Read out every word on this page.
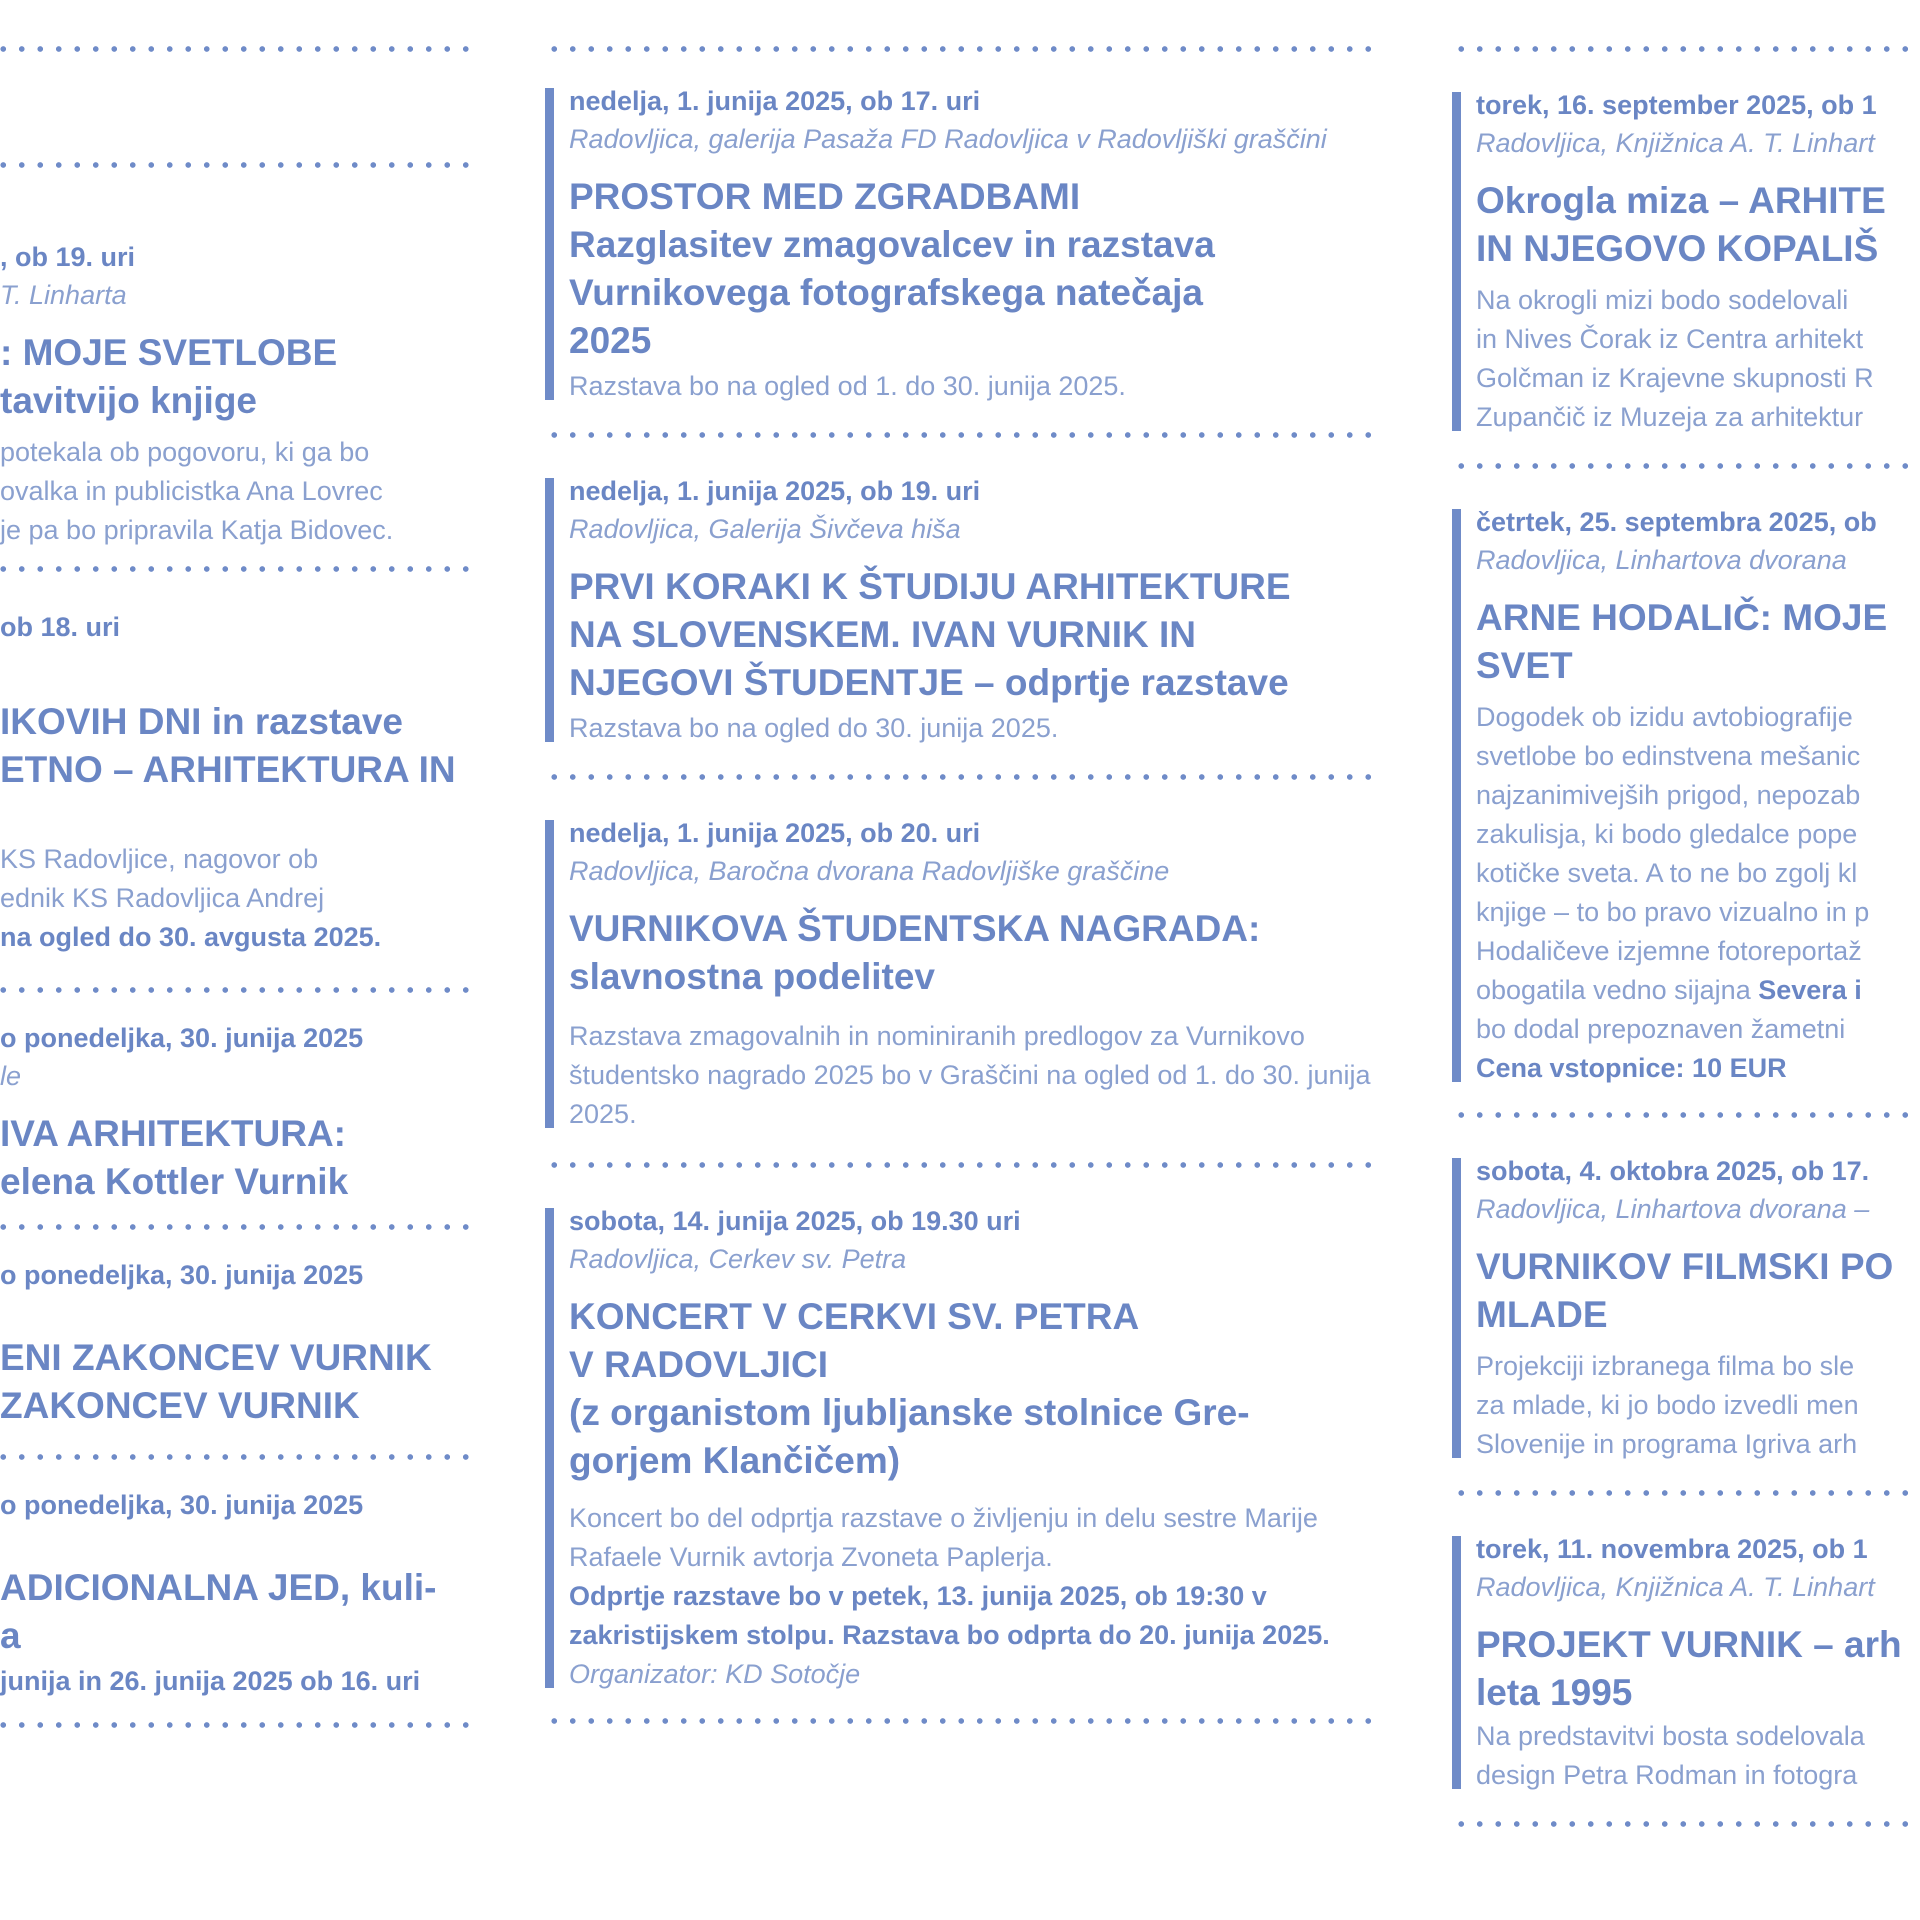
, ob 19. uri
T. Linharta
: MOJE SVETLOBE
tavitvijo knjige
potekala ob pogovoru, ki ga bo
ovalka in publicistka Ana Lovrec
je pa bo pripravila Katja Bidovec.
ob 18. uri
IKOVIH DNI in razstave
ETNO – ARHITEKTURA IN
KS Radovljice, nagovor ob
ednik KS Radovljica Andrej
na ogled do 30. avgusta 2025.
o ponedeljka, 30. junija 2025
le
IVA ARHITEKTURA:
elena Kottler Vurnik
o ponedeljka, 30. junija 2025
ENI ZAKONCEV VURNIK
ZAKONCEV VURNIK
o ponedeljka, 30. junija 2025
ADICIONALNA JED, kuli-
a
junija in 26. junija 2025 ob 16. uri
nedelja, 1. junija 2025, ob 17. uri
Radovljica, galerija Pasaža FD Radovljica v Radovljiški graščini
PROSTOR MED ZGRADBAMI
Razglasitev zmagovalcev in razstava
Vurnikovega fotografskega natečaja
2025
Razstava bo na ogled od 1. do 30. junija 2025.
nedelja, 1. junija 2025, ob 19. uri
Radovljica, Galerija Šivčeva hiša
PRVI KORAKI K ŠTUDIJU ARHITEKTURE
NA SLOVENSKEM. IVAN VURNIK IN
NJEGOVI ŠTUDENTJE – odprtje razstave
Razstava bo na ogled do 30. junija 2025.
nedelja, 1. junija 2025, ob 20. uri
Radovljica, Baročna dvorana Radovljiške graščine
VURNIKOVA ŠTUDENTSKA NAGRADA:
slavnostna podelitev
Razstava zmagovalnih in nominiranih predlogov za Vurnikovo študentsko nagrado 2025 bo v Graščini na ogled od 1. do 30. junija 2025.
sobota, 14. junija 2025, ob 19.30 uri
Radovljica, Cerkev sv. Petra
KONCERT V CERKVI SV. PETRA
V RADOVLJICI
(z organistom ljubljanske stolnice Gre-
gorjem Klančičem)
Koncert bo del odprtja razstave o življenju in delu sestre Marije Rafaele Vurnik avtorja Zvoneta Paplerja.
Odprtje razstave bo v petek, 13. junija 2025, ob 19:30 v zakristijskem stolpu. Razstava bo odprta do 20. junija 2025.
Organizator: KD Sotočje
torek, 16. september 2025, ob 1
Radovljica, Knjižnica A. T. Linhart
Okrogla miza – ARHITE
IN NJEGOVO KOPALIŠ
Na okrogli mizi bodo sodelovali
in Nives Čorak iz Centra arhitekt
Golčman iz Krajevne skupnosti R
Zupančič iz Muzeja za arhitektur
četrtek, 25. septembra 2025, ob
Radovljica, Linhartova dvorana
ARNE HODALIČ: MOJE
SVET
Dogodek ob izidu avtobiografije
svetlobe bo edinstvena mešanic
najzanimivejših prigod, nepozab
zakulisja, ki bodo gledalce pope
kotičke sveta. A to ne bo zgolj kl
knjige – to bo pravo vizualno in p
Hodaličeve izjemne fotoreportaž
obogatila vedno sijajna Severa i
bo dodal prepoznaven žametni
Cena vstopnice: 10 EUR
sobota, 4. oktobra 2025, ob 17.
Radovljica, Linhartova dvorana –
VURNIKOV FILMSKI PO
MLADE
Projekciji izbranega filma bo sle
za mlade, ki jo bodo izvedli men
Slovenije in programa Igriva arh
torek, 11. novembra 2025, ob 1
Radovljica, Knjižnica A. T. Linhart
PROJEKT VURNIK – arh
leta 1995
Na predstavitvi bosta sodelovala
design Petra Rodman in fotogra
